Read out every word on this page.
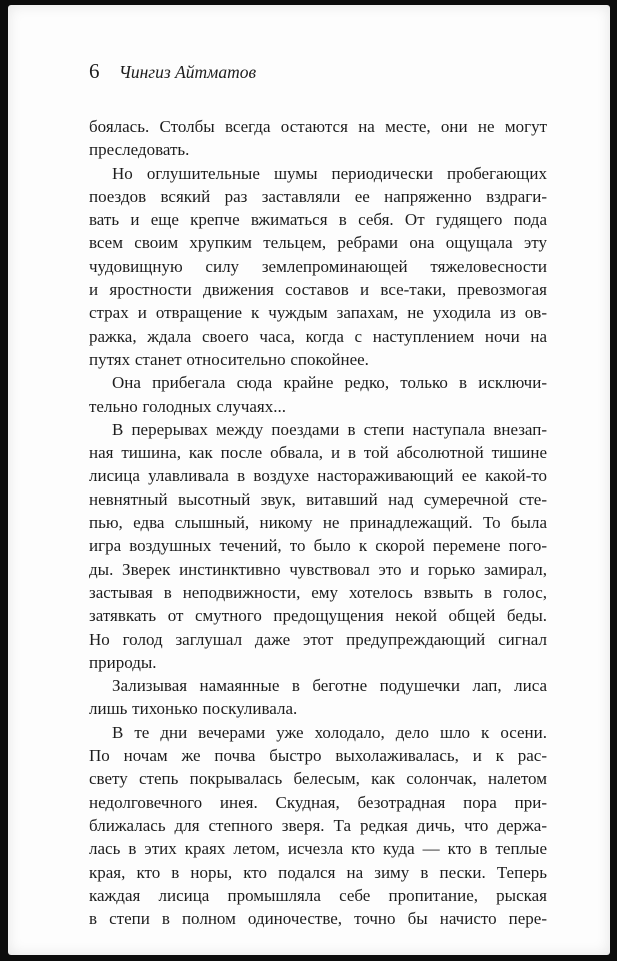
6 Чингиз Айтматов
боялась. Столбы всегда остаются на месте, они не могут
преследовать.
Но оглушительные шумы периодически пробегающих
поездов всякий раз заставляли ее напряженно вздраги-
вать и еще крепче вжиматься в себя. От гудящего пода
всем своим хрупким тельцем, ребрами она ощущала эту
чудовищную силу землепроминающей тяжеловесности
и яростности движения составов и все-таки, превозмогая
страх и отвращение к чуждым запахам, не уходила из ов-
ражка, ждала своего часа, когда с наступлением ночи на
путях станет относительно спокойнее.
Она прибегала сюда крайне редко, только в исключи-
тельно голодных случаях...
В перерывах между поездами в степи наступала внезап-
ная тишина, как после обвала, и в той абсолютной тишине
лисица улавливала в воздухе настораживающий ее какой-то
невнятный высотный звук, витавший над сумеречной сте-
пью, едва слышный, никому не принадлежащий. То была
игра воздушных течений, то было к скорой перемене пого-
ды. Зверек инстинктивно чувствовал это и горько замирал,
застывая в неподвижности, ему хотелось взвыть в голос,
затявкать от смутного предощущения некой общей беды.
Но голод заглушал даже этот предупреждающий сигнал
природы.
Зализывая намаянные в беготне подушечки лап, лиса
лишь тихонько поскуливала.
В те дни вечерами уже холодало, дело шло к осени.
По ночам же почва быстро выхолаживалась, и к рас-
свету степь покрывалась белесым, как солончак, налетом
недолговечного инея. Скудная, безотрадная пора при-
ближалась для степного зверя. Та редкая дичь, что держа-
лась в этих краях летом, исчезла кто куда — кто в теплые
края, кто в норы, кто подался на зиму в пески. Теперь
каждая лисица промышляла себе пропитание, рыская
в степи в полном одиночестве, точно бы начисто пере-
